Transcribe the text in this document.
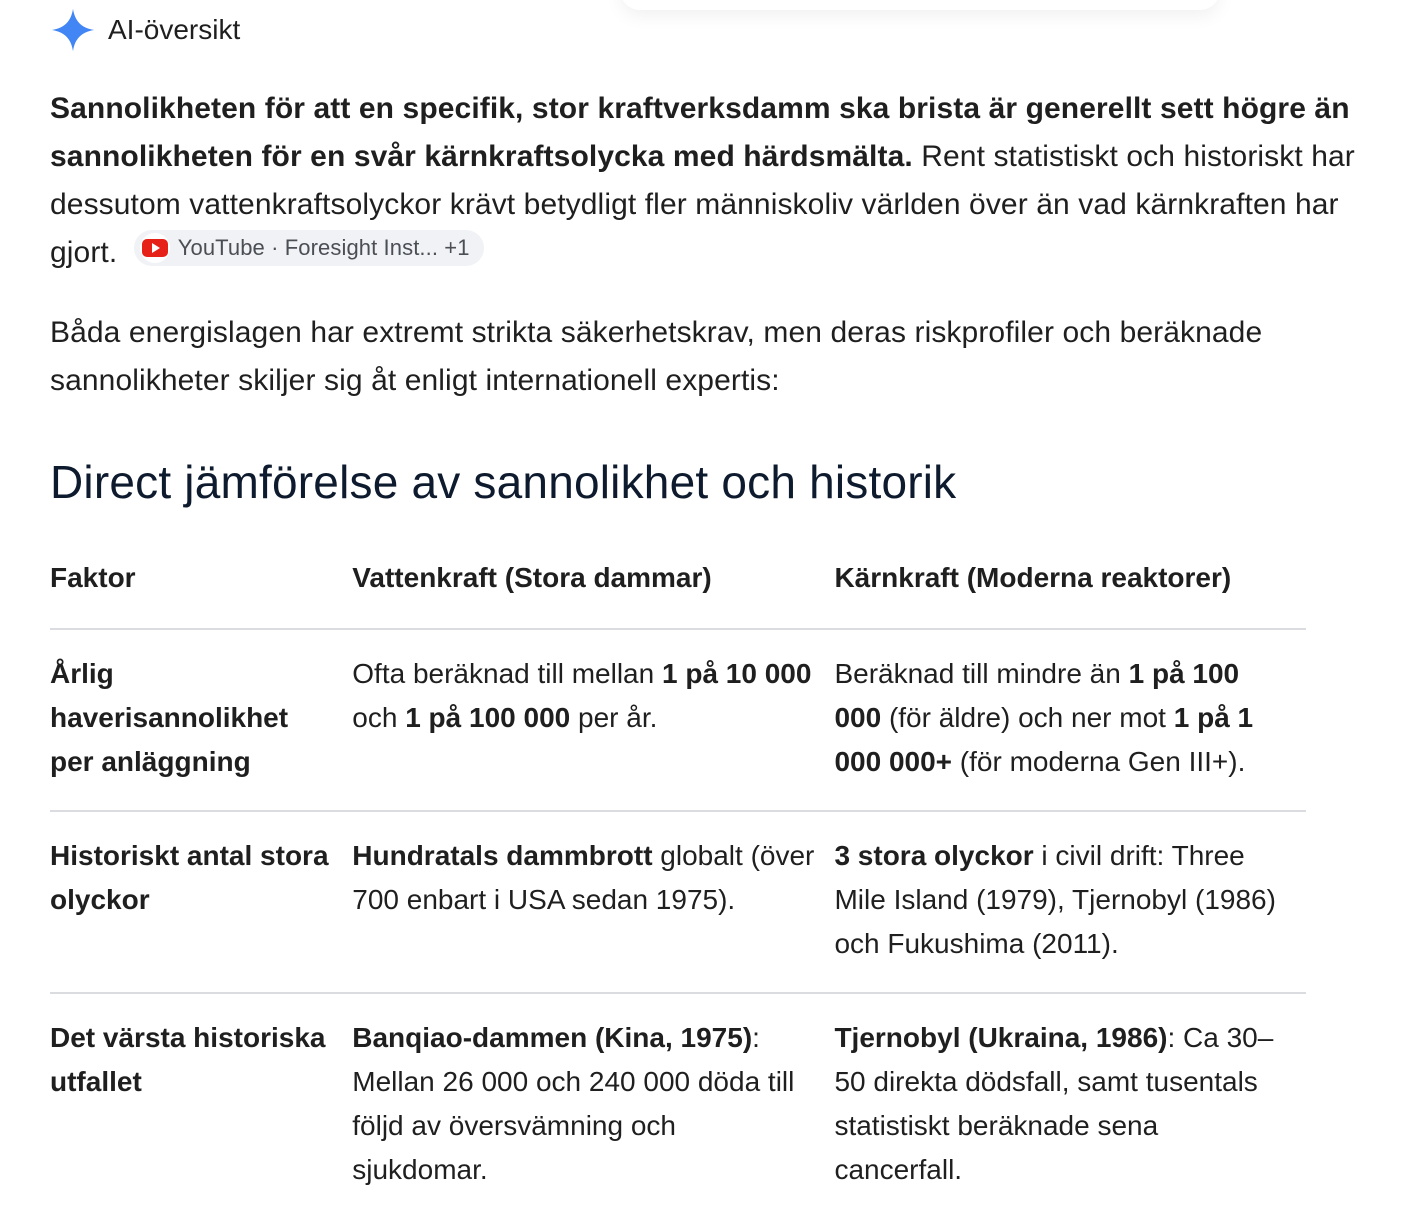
AI-översikt
Sannolikheten för att en specifik, stor kraftverksdamm ska brista är generellt sett högre än sannolikheten för en svår kärnkraftsolycka med härdsmälta. Rent statistiskt och historiskt har dessutom vattenkraftsolyckor krävt betydligt fler människoliv världen över än vad kärnkraften har gjort.	YouTube · Foresight Inst... +1
Båda energislagen har extremt strikta säkerhetskrav, men deras riskprofiler och beräknade sannolikheter skiljer sig åt enligt internationell expertis:
Direct jämförelse av sannolikhet och historik
Faktor	Vattenkraft (Stora dammar)	Kärnkraft (Moderna reaktorer)
Årlig haverisannolikhet per anläggning	Ofta beräknad till mellan 1 på 10 000 och 1 på 100 000 per år.	Beräknad till mindre än 1 på 100 000 (för äldre) och ner mot 1 på 1 000 000+ (för moderna Gen III+).
Historiskt antal stora olyckor	Hundratals dammbrott globalt (över 700 enbart i USA sedan 1975).	3 stora olyckor i civil drift: Three Mile Island (1979), Tjernobyl (1986) och Fukushima (2011).
Det värsta historiska utfallet	Banqiao-dammen (Kina, 1975): Mellan 26 000 och 240 000 döda till följd av översvämning och sjukdomar.	Tjernobyl (Ukraina, 1986): Ca 30–50 direkta dödsfall, samt tusentals statistiskt beräknade sena cancerfall.
